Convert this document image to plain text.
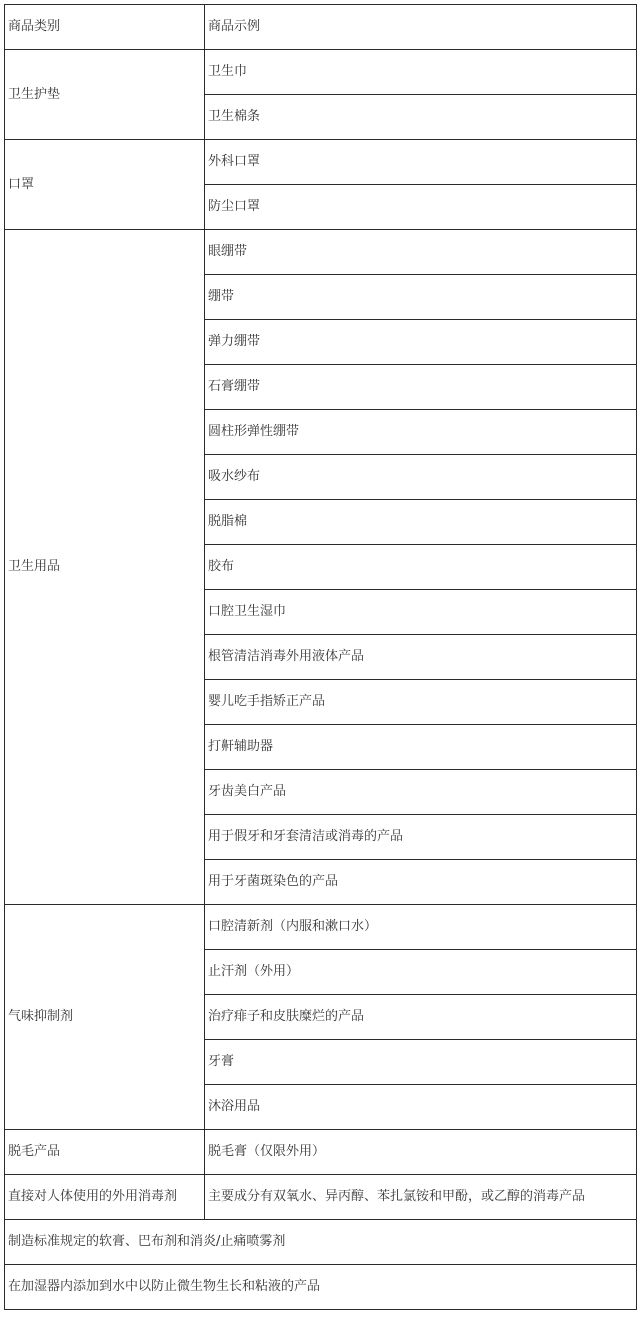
商品类别	商品示例
卫生护垫	卫生巾
	卫生棉条
口罩	外科口罩
	防尘口罩
卫生用品	眼绷带
	绷带
	弹力绷带
	石膏绷带
	圆柱形弹性绷带
	吸水纱布
	脱脂棉
	胶布
	口腔卫生湿巾
	根管清洁消毒外用液体产品
	婴儿吃手指矫正产品
	打鼾辅助器
	牙齿美白产品
	用于假牙和牙套清洁或消毒的产品
	用于牙菌斑染色的产品
气味抑制剂	口腔清新剂（内服和漱口水）
	止汗剂（外用）
	治疗痱子和皮肤糜烂的产品
	牙膏
	沐浴用品
脱毛产品	脱毛膏（仅限外用）
直接对人体使用的外用消毒剂	主要成分有双氧水、异丙醇、苯扎氯铵和甲酚，或乙醇的消毒产品
制造标准规定的软膏、巴布剂和消炎/止痛喷雾剂	
在加湿器内添加到水中以防止微生物生长和粘液的产品	
